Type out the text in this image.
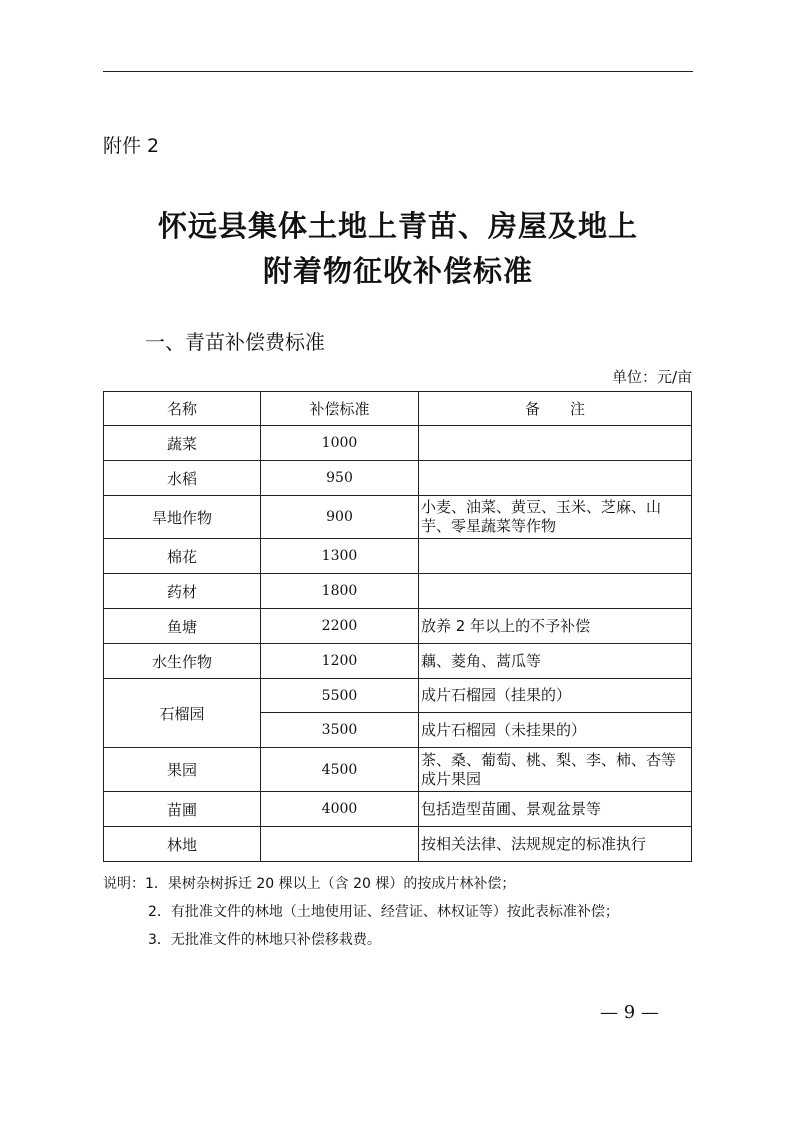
附件 2
怀远县集体土地上青苗、房屋及地上
附着物征收补偿标准
一、青苗补偿费标准
单位：元/亩
名称	补偿标准	备　　注
蔬菜	1000	
水稻	950	
旱地作物	900	小麦、油菜、黄豆、玉米、芝麻、山芋、零星蔬菜等作物
棉花	1300	
药材	1800	
鱼塘	2200	放养 2 年以上的不予补偿
水生作物	1200	藕、菱角、蒿瓜等
石榴园	5500	成片石榴园（挂果的）
	3500	成片石榴园（未挂果的）
果园	4500	茶、桑、葡萄、桃、梨、李、柿、杏等成片果园
苗圃	4000	包括造型苗圃、景观盆景等
林地		按相关法律、法规规定的标准执行
说明：1．果树杂树拆迁 20 棵以上（含 20 棵）的按成片林补偿；
2．有批准文件的林地（土地使用证、经营证、林权证等）按此表标准补偿；
3．无批准文件的林地只补偿移栽费。
— 9 —
